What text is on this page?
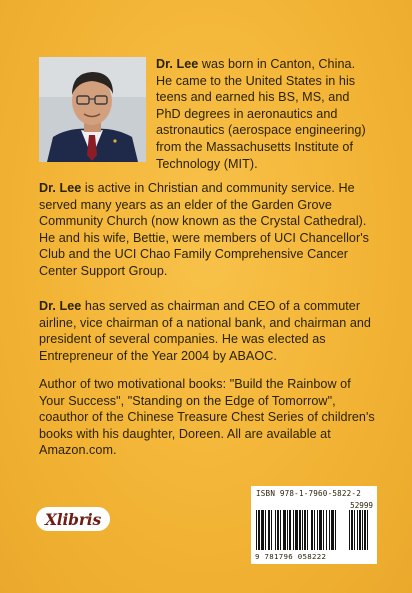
Dr. Lee was born in Canton, China. He came to the United States in his teens and earned his BS, MS, and PhD degrees in aeronautics and astronautics (aerospace engineering) from the Massachusetts Institute of Technology (MIT).

Dr. Lee is active in Christian and community service. He served many years as an elder of the Garden Grove Community Church (now known as the Crystal Cathedral). He and his wife, Bettie, were members of UCI Chancellor's Club and the UCI Chao Family Comprehensive Cancer Center Support Group.

Dr. Lee has served as chairman and CEO of a commuter airline, vice chairman of a national bank, and chairman and president of several companies. He was elected as Entrepreneur of the Year 2004 by ABAOC.

Author of two motivational books: "Build the Rainbow of Your Success", "Standing on the Edge of Tomorrow", coauthor of the Chinese Treasure Chest Series of children's books with his daughter, Doreen. All are available at Amazon.com.

Xlibris
ISBN 978-1-7960-5822-2
52999
9 781796 058222
